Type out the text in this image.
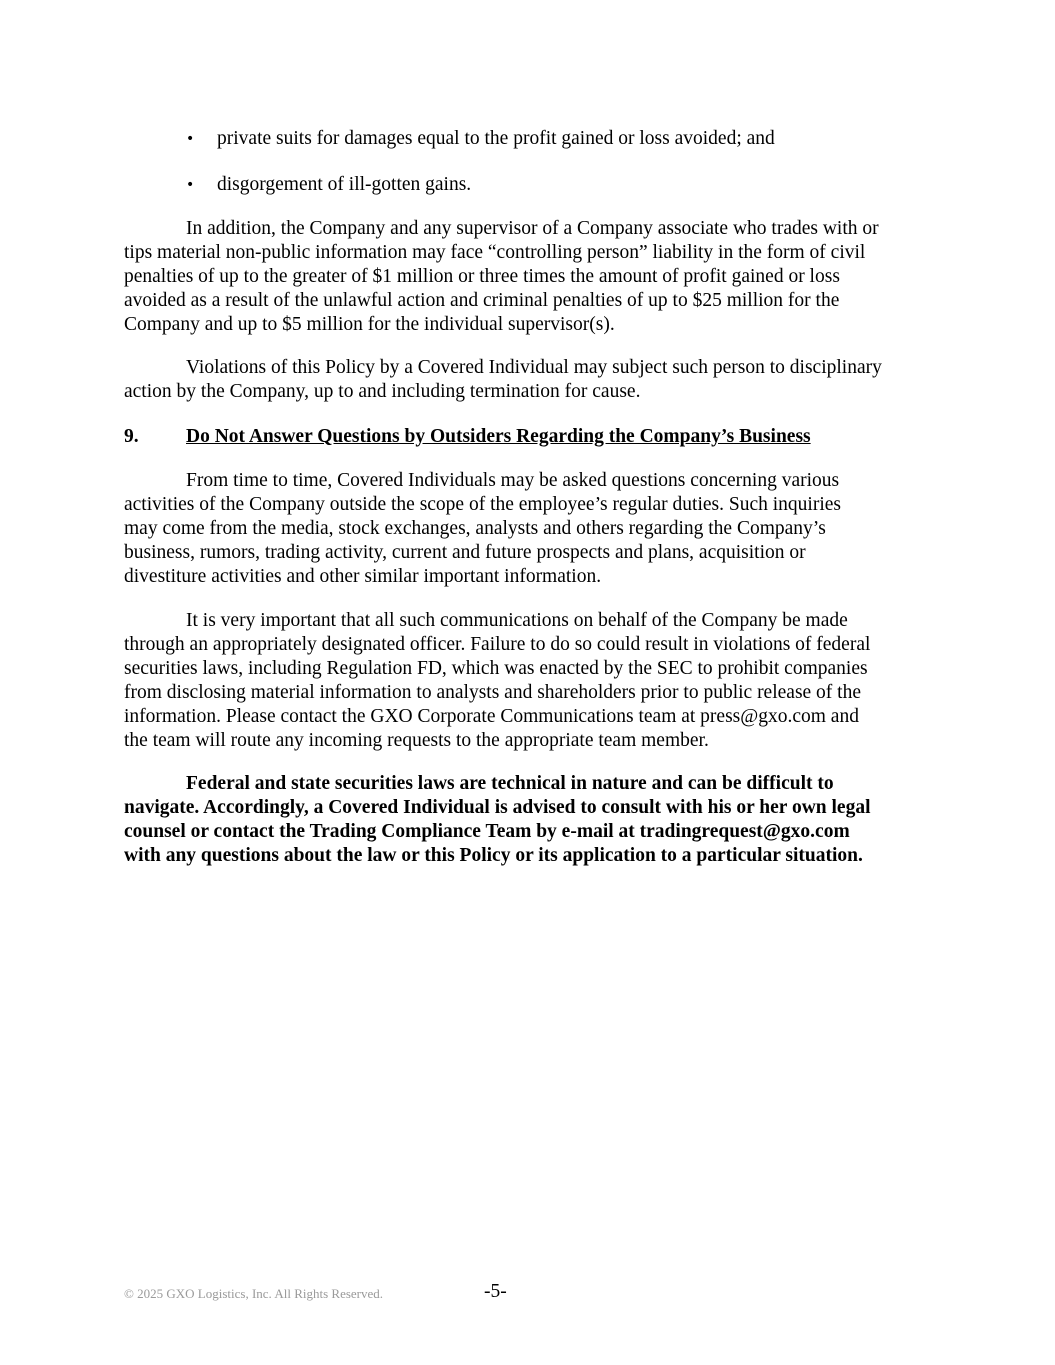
• private suits for damages equal to the profit gained or loss avoided; and
• disgorgement of ill-gotten gains.
In addition, the Company and any supervisor of a Company associate who trades with or
tips material non-public information may face “controlling person” liability in the form of civil
penalties of up to the greater of $1 million or three times the amount of profit gained or loss
avoided as a result of the unlawful action and criminal penalties of up to $25 million for the
Company and up to $5 million for the individual supervisor(s).
Violations of this Policy by a Covered Individual may subject such person to disciplinary
action by the Company, up to and including termination for cause.
9. Do Not Answer Questions by Outsiders Regarding the Company’s Business
From time to time, Covered Individuals may be asked questions concerning various
activities of the Company outside the scope of the employee’s regular duties. Such inquiries
may come from the media, stock exchanges, analysts and others regarding the Company’s
business, rumors, trading activity, current and future prospects and plans, acquisition or
divestiture activities and other similar important information.
It is very important that all such communications on behalf of the Company be made
through an appropriately designated officer. Failure to do so could result in violations of federal
securities laws, including Regulation FD, which was enacted by the SEC to prohibit companies
from disclosing material information to analysts and shareholders prior to public release of the
information. Please contact the GXO Corporate Communications team at press@gxo.com and
the team will route any incoming requests to the appropriate team member.
Federal and state securities laws are technical in nature and can be difficult to
navigate. Accordingly, a Covered Individual is advised to consult with his or her own legal
counsel or contact the Trading Compliance Team by e-mail at tradingrequest@gxo.com
with any questions about the law or this Policy or its application to a particular situation.
© 2025 GXO Logistics, Inc. All Rights Reserved.	-5-
